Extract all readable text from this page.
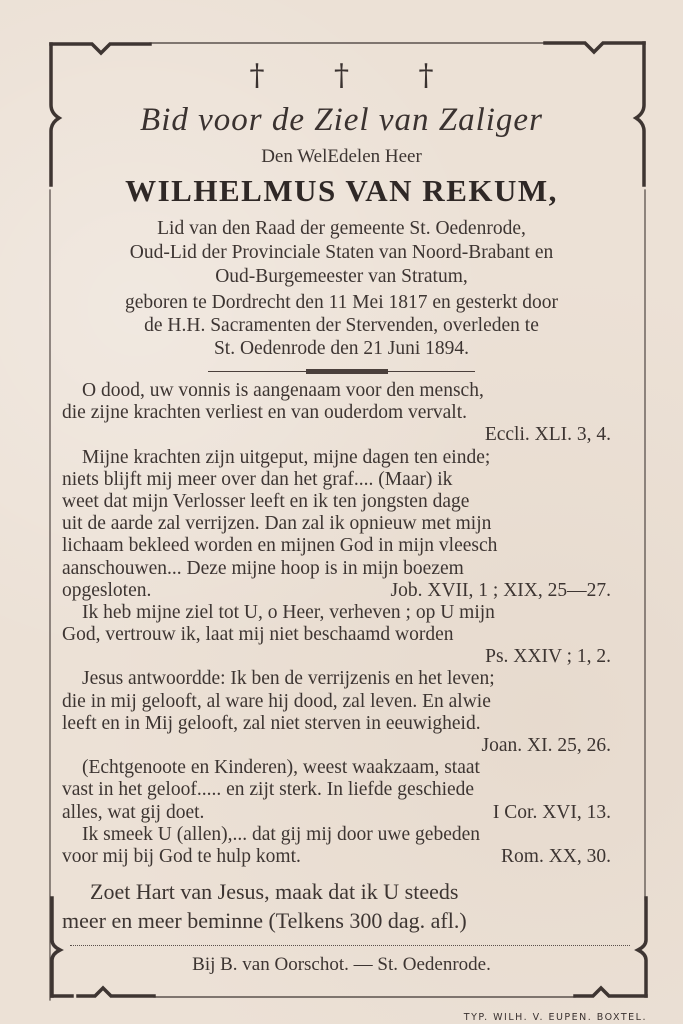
† † †
Bid voor de Ziel van Zaliger
Den WelEdelen Heer
WILHELMUS VAN REKUM,
Lid van den Raad der gemeente St. Oedenrode,
Oud-Lid der Provinciale Staten van Noord-Brabant en
Oud-Burgemeester van Stratum,
geboren te Dordrecht den 11 Mei 1817 en gesterkt door
de H.H. Sacramenten der Stervenden, overleden te
St. Oedenrode den 21 Juni 1894.
O dood, uw vonnis is aangenaam voor den mensch,
die zijne krachten verliest en van ouderdom vervalt.
Eccli. XLI. 3, 4.
Mijne krachten zijn uitgeput, mijne dagen ten einde;
niets blijft mij meer over dan het graf.... (Maar) ik
weet dat mijn Verlosser leeft en ik ten jongsten dage
uit de aarde zal verrijzen. Dan zal ik opnieuw met mijn
lichaam bekleed worden en mijnen God in mijn vleesch
aanschouwen... Deze mijne hoop is in mijn boezem
opgesloten.	Job. XVII, 1 ; XIX, 25—27.
Ik heb mijne ziel tot U, o Heer, verheven ; op U mijn
God, vertrouw ik, laat mij niet beschaamd worden
Ps. XXIV ; 1, 2.
Jesus antwoordde: Ik ben de verrijzenis en het leven;
die in mij gelooft, al ware hij dood, zal leven. En alwie
leeft en in Mij gelooft, zal niet sterven in eeuwigheid.
Joan. XI. 25, 26.
(Echtgenoote en Kinderen), weest waakzaam, staat
vast in het geloof..... en zijt sterk. In liefde geschiede
alles, wat gij doet.	I Cor. XVI, 13.
Ik smeek U (allen),... dat gij mij door uwe gebeden
voor mij bij God te hulp komt.	Rom. XX, 30.
Zoet Hart van Jesus, maak dat ik U steeds
meer en meer beminne (Telkens 300 dag. afl.)
Bij B. van Oorschot. — St. Oedenrode.
TYP. WILH. V. EUPEN. BOXTEL.
